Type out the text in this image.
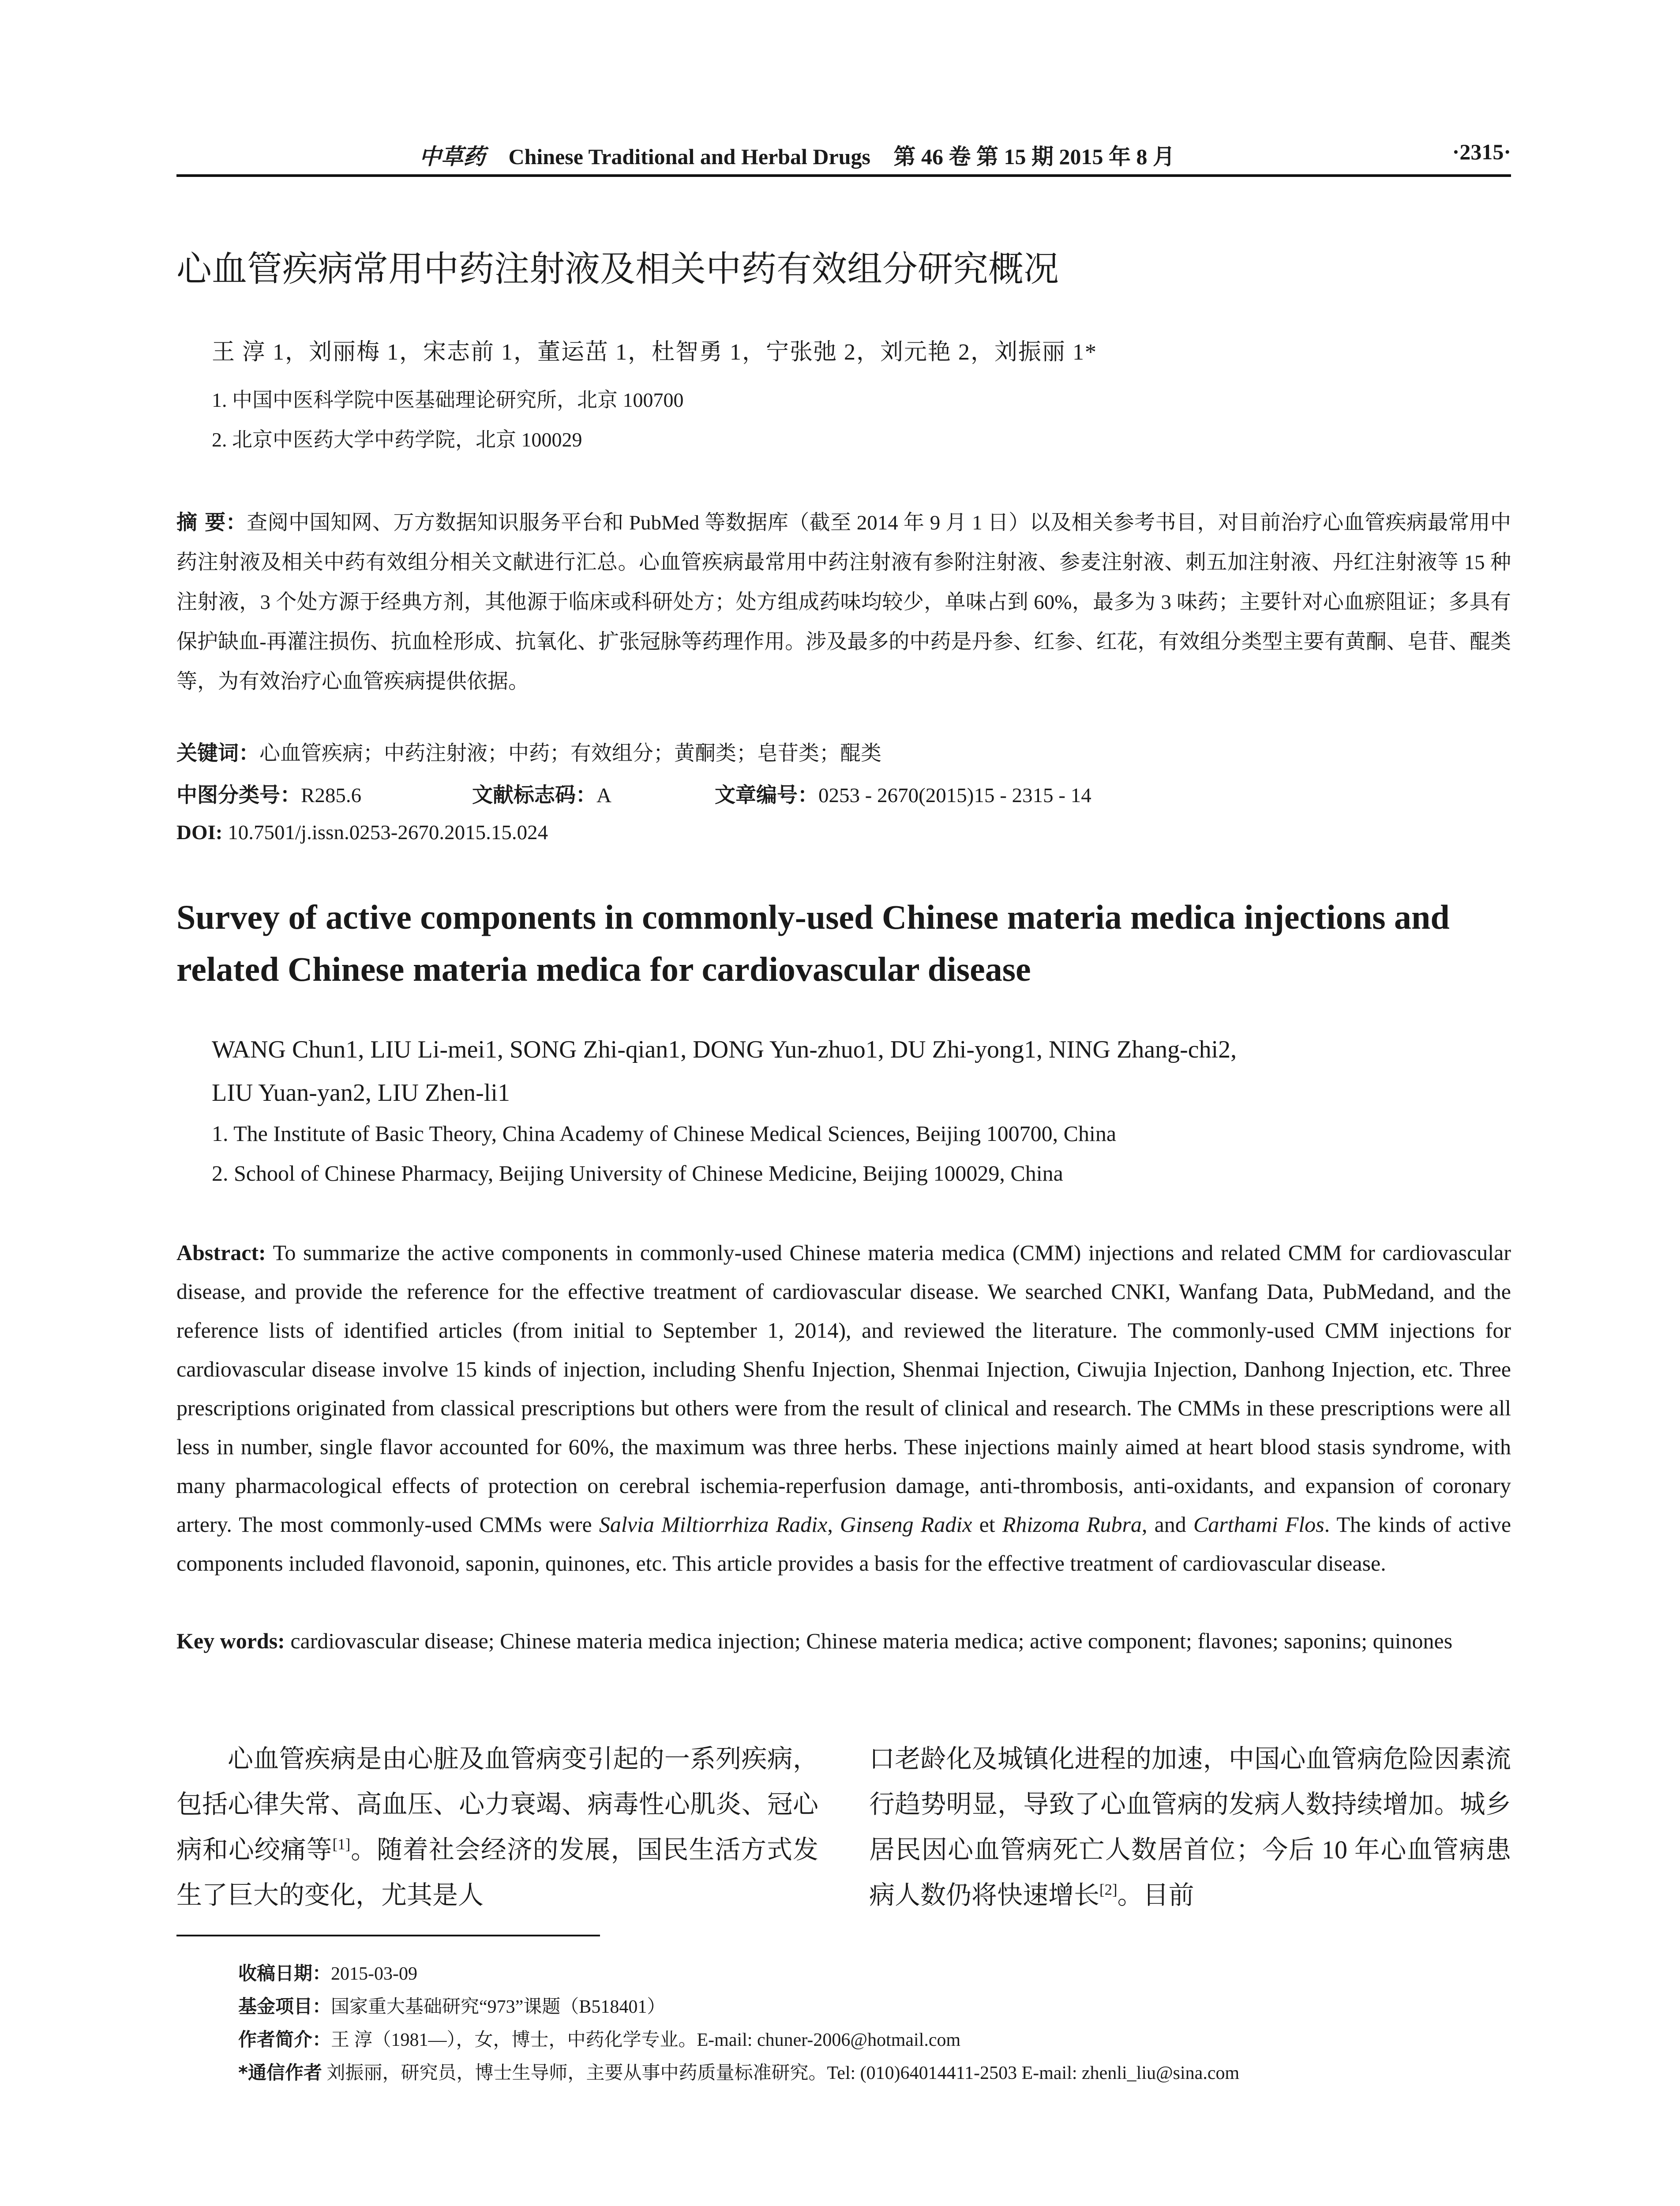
中草药 Chinese Traditional and Herbal Drugs 第 46 卷 第 15 期 2015 年 8 月	·2315·
心血管疾病常用中药注射液及相关中药有效组分研究概况
王 淳 1，刘丽梅 1，宋志前 1，董运茁 1，杜智勇 1，宁张弛 2，刘元艳 2，刘振丽 1*
1. 中国中医科学院中医基础理论研究所，北京 100700
2. 北京中医药大学中药学院，北京 100029
摘 要：查阅中国知网、万方数据知识服务平台和 PubMed 等数据库（截至 2014 年 9 月 1 日）以及相关参考书目，对目前治疗心血管疾病最常用中药注射液及相关中药有效组分相关文献进行汇总。心血管疾病最常用中药注射液有参附注射液、参麦注射液、刺五加注射液、丹红注射液等 15 种注射液，3 个处方源于经典方剂，其他源于临床或科研处方；处方组成药味均较少，单味占到 60%，最多为 3 味药；主要针对心血瘀阻证；多具有保护缺血-再灌注损伤、抗血栓形成、抗氧化、扩张冠脉等药理作用。涉及最多的中药是丹参、红参、红花，有效组分类型主要有黄酮、皂苷、醌类等，为有效治疗心血管疾病提供依据。
关键词：心血管疾病；中药注射液；中药；有效组分；黄酮类；皂苷类；醌类
中图分类号：R285.6	文献标志码：A	文章编号：0253 - 2670(2015)15 - 2315 - 14
DOI: 10.7501/j.issn.0253-2670.2015.15.024
Survey of active components in commonly-used Chinese materia medica injections and related Chinese materia medica for cardiovascular disease
WANG Chun1, LIU Li-mei1, SONG Zhi-qian1, DONG Yun-zhuo1, DU Zhi-yong1, NING Zhang-chi2,
LIU Yuan-yan2, LIU Zhen-li1
1. The Institute of Basic Theory, China Academy of Chinese Medical Sciences, Beijing 100700, China
2. School of Chinese Pharmacy, Beijing University of Chinese Medicine, Beijing 100029, China
Abstract: To summarize the active components in commonly-used Chinese materia medica (CMM) injections and related CMM for cardiovascular disease, and provide the reference for the effective treatment of cardiovascular disease. We searched CNKI, Wanfang Data, PubMedand, and the reference lists of identified articles (from initial to September 1, 2014), and reviewed the literature. The commonly-used CMM injections for cardiovascular disease involve 15 kinds of injection, including Shenfu Injection, Shenmai Injection, Ciwujia Injection, Danhong Injection, etc. Three prescriptions originated from classical prescriptions but others were from the result of clinical and research. The CMMs in these prescriptions were all less in number, single flavor accounted for 60%, the maximum was three herbs. These injections mainly aimed at heart blood stasis syndrome, with many pharmacological effects of protection on cerebral ischemia-reperfusion damage, anti-thrombosis, anti-oxidants, and expansion of coronary artery. The most commonly-used CMMs were Salvia Miltiorrhiza Radix, Ginseng Radix et Rhizoma Rubra, and Carthami Flos. The kinds of active components included flavonoid, saponin, quinones, etc. This article provides a basis for the effective treatment of cardiovascular disease.
Key words: cardiovascular disease; Chinese materia medica injection; Chinese materia medica; active component; flavones; saponins; quinones
心血管疾病是由心脏及血管病变引起的一系列疾病，包括心律失常、高血压、心力衰竭、病毒性心肌炎、冠心病和心绞痛等[1]。随着社会经济的发展，国民生活方式发生了巨大的变化，尤其是人
口老龄化及城镇化进程的加速，中国心血管病危险因素流行趋势明显，导致了心血管病的发病人数持续增加。城乡居民因心血管病死亡人数居首位；今后 10 年心血管病患病人数仍将快速增长[2]。目前
收稿日期：2015-03-09
基金项目：国家重大基础研究“973”课题（B518401）
作者简介：王 淳（1981—），女，博士，中药化学专业。E-mail: chuner-2006@hotmail.com
*通信作者 刘振丽，研究员，博士生导师，主要从事中药质量标准研究。Tel: (010)64014411-2503 E-mail: zhenli_liu@sina.com
